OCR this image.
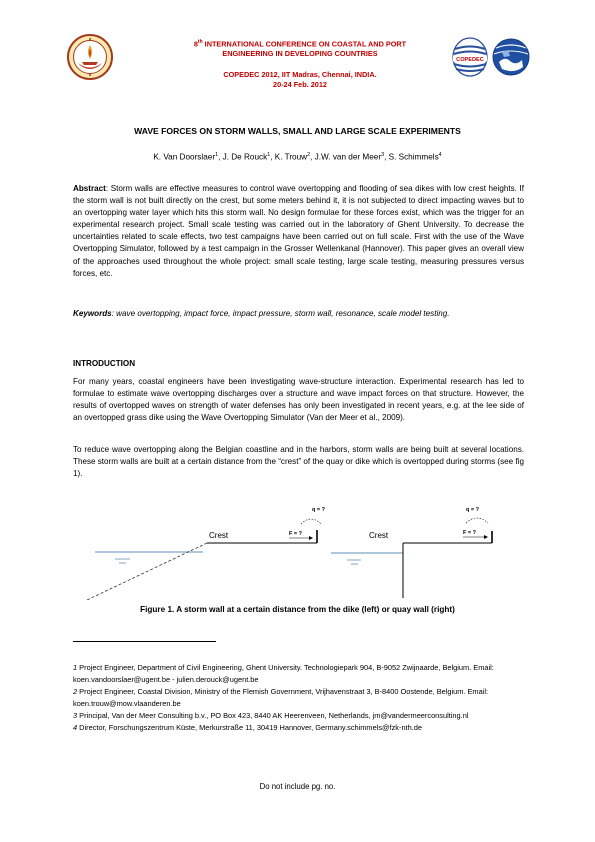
8th INTERNATIONAL CONFERENCE ON COASTAL AND PORT
ENGINEERING IN DEVELOPING COUNTRIES
COPEDEC 2012, IIT Madras, Chennai, INDIA.
20-24 Feb. 2012
COPEDEC
WAVE FORCES ON STORM WALLS, SMALL AND LARGE SCALE EXPERIMENTS
K. Van Doorslaer$^1$, J. De Rouck$^1$, K. Trouw$^2$, J.W. van der Meer$^3$, S. Schimmels$^4$
Abstract: Storm walls are effective measures to control wave overtopping and flooding of sea dikes with low crest heights. If the storm wall is not built directly on the crest, but some meters behind it, it is not subjected to direct impacting waves but to an overtopping water layer which hits this storm wall. No design formulae for these forces exist, which was the trigger for an experimental research project. Small scale testing was carried out in the laboratory of Ghent University. To decrease the uncertainties related to scale effects, two test campaigns have been carried out on full scale. First with the use of the Wave Overtopping Simulator, followed by a test campaign in the Grosser Wellenkanal (Hannover). This paper gives an overall view of the approaches used throughout the whole project: small scale testing, large scale testing, measuring pressures versus forces, etc.
Keywords: wave overtopping, impact force, impact pressure, storm wall, resonance, scale model testing.
INTRODUCTION
For many years, coastal engineers have been investigating wave-structure interaction. Experimental research has led to formulae to estimate wave overtopping discharges over a structure and wave impact forces on that structure. However, the results of overtopped waves on strength of water defenses has only been investigated in recent years, e.g. at the lee side of an overtopped grass dike using the Wave Overtopping Simulator (Van der Meer et al., 2009).
To reduce wave overtopping along the Belgian coastline and in the harbors, storm walls are being built at several locations. These storm walls are built at a certain distance from the “crest” of the quay or dike which is overtopped during storms (see fig 1).
Crest	F = ?
q = ?
Crest	F = ?
q = ?
Figure 1. A storm wall at a certain distance from the dike (left) or quay wall (right)
1 Project Engineer, Department of Civil Engineering, Ghent University. Technologiepark 904, B-9052 Zwijnaarde, Belgium. Email: koen.vandoorslaer@ugent.be - julien.derouck@ugent.be
2 Project Engineer, Coastal Division, Ministry of the Flemish Government, Vrijhavenstraat 3, B-8400 Oostende, Belgium. Email: koen.trouw@mow.vlaanderen.be
3 Principal, Van der Meer Consulting b.v., PO Box 423, 8440 AK Heerenveen, Netherlands, jm@vandermeerconsulting.nl
4 Director, Forschungszentrum Küste, Merkurstraße 11, 30419 Hannover, Germany.schimmels@fzk-nth.de
Do not include pg. no.
